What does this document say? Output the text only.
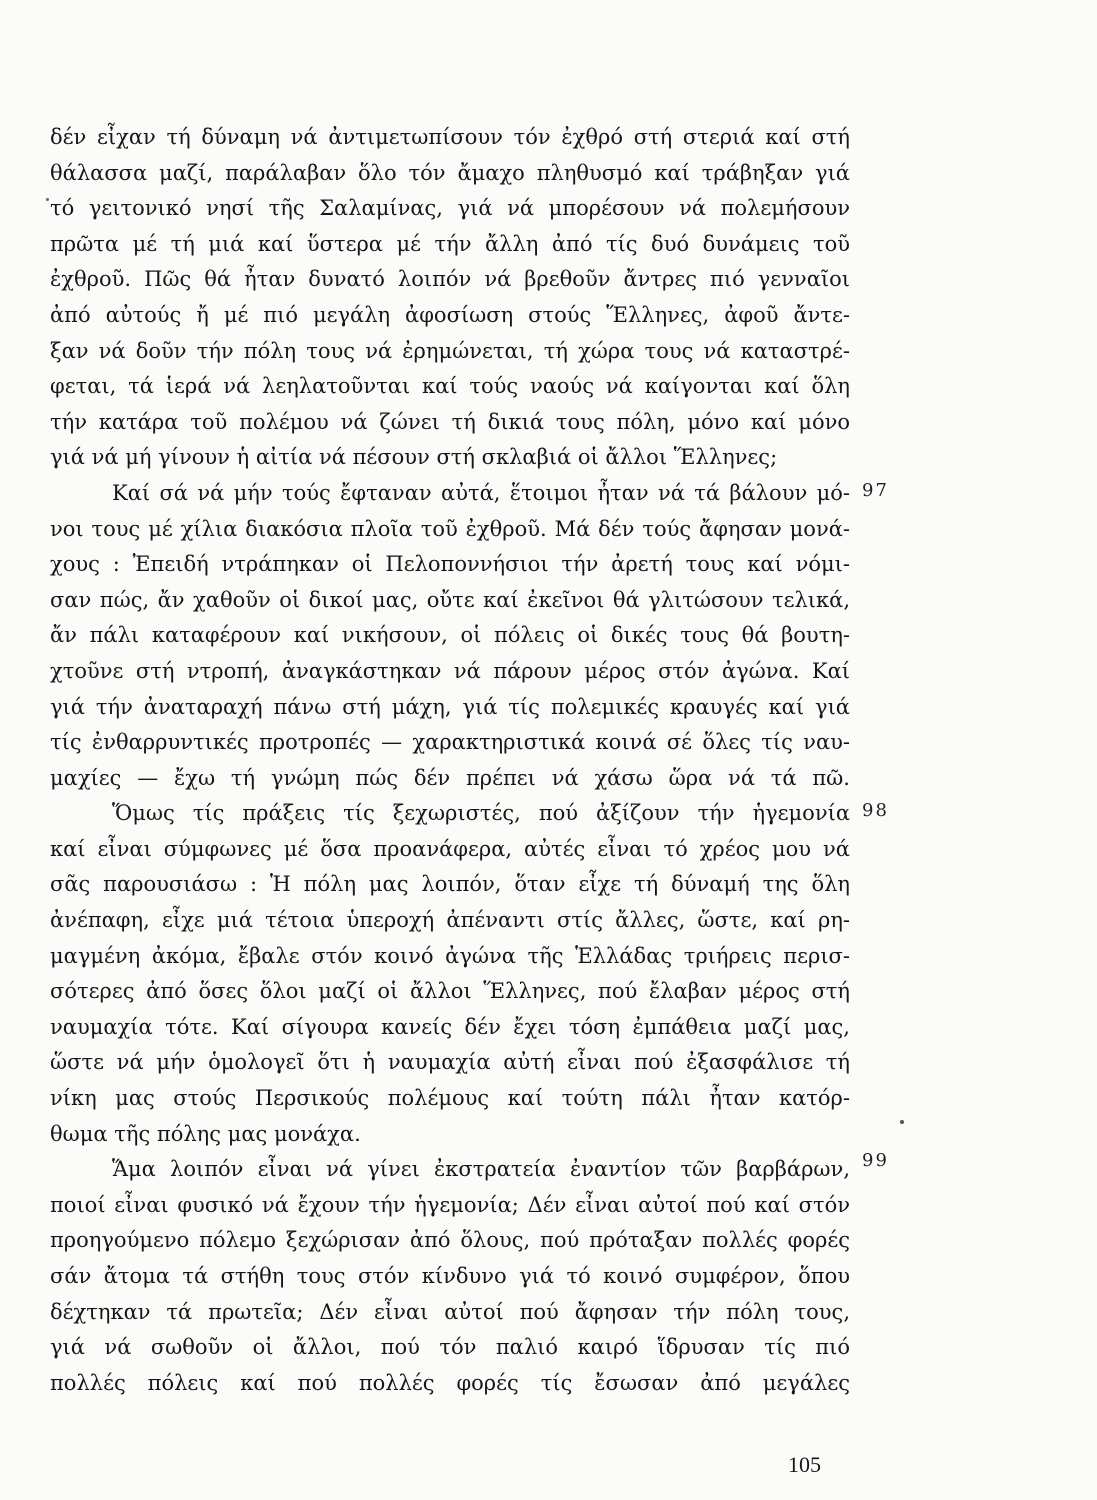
δέν εἶχαν τή δύναμη νά ἀντιμετωπίσουν τόν ἐχθρό στή στεριά καί στή
θάλασσα μαζί, παράλαβαν ὅλο τόν ἄμαχο πληθυσμό καί τράβηξαν γιά
τό γειτονικό νησί τῆς Σαλαμίνας, γιά νά μπορέσουν νά πολεμήσουν
πρῶτα μέ τή μιά καί ὕστερα μέ τήν ἄλλη ἀπό τίς δυό δυνάμεις τοῦ
ἐχθροῦ. Πῶς θά ἦταν δυνατό λοιπόν νά βρεθοῦν ἄντρες πιό γενναῖοι
ἀπό αὐτούς ἤ μέ πιό μεγάλη ἀφοσίωση στούς Ἕλληνες, ἀφοῦ ἄντε-
ξαν νά δοῦν τήν πόλη τους νά ἐρημώνεται, τή χώρα τους νά καταστρέ-
φεται, τά ἱερά νά λεηλατοῦνται καί τούς ναούς νά καίγονται καί ὅλη
τήν κατάρα τοῦ πολέμου νά ζώνει τή δικιά τους πόλη, μόνο καί μόνο
γιά νά μή γίνουν ἡ αἰτία νά πέσουν στή σκλαβιά οἱ ἄλλοι Ἕλληνες;
Καί σά νά μήν τούς ἔφταναν αὐτά, ἕτοιμοι ἦταν νά τά βάλουν μό-
νοι τους μέ χίλια διακόσια πλοῖα τοῦ ἐχθροῦ. Μά δέν τούς ἄφησαν μονά-
χους : Ἐπειδή ντράπηκαν οἱ Πελοποννήσιοι τήν ἀρετή τους καί νόμι-
σαν πώς, ἄν χαθοῦν οἱ δικοί μας, οὔτε καί ἐκεῖνοι θά γλιτώσουν τελικά,
ἄν πάλι καταφέρουν καί νικήσουν, οἱ πόλεις οἱ δικές τους θά βουτη-
χτοῦνε στή ντροπή, ἀναγκάστηκαν νά πάρουν μέρος στόν ἀγώνα. Καί
γιά τήν ἀναταραχή πάνω στή μάχη, γιά τίς πολεμικές κραυγές καί γιά
τίς ἐνθαρρυντικές προτροπές — χαρακτηριστικά κοινά σέ ὅλες τίς ναυ-
μαχίες — ἔχω τή γνώμη πώς δέν πρέπει νά χάσω ὥρα νά τά πῶ.
Ὅμως τίς πράξεις τίς ξεχωριστές, πού ἀξίζουν τήν ἡγεμονία
καί εἶναι σύμφωνες μέ ὅσα προανάφερα, αὐτές εἶναι τό χρέος μου νά
σᾶς παρουσιάσω : Ἡ πόλη μας λοιπόν, ὅταν εἶχε τή δύναμή της ὅλη
ἀνέπαφη, εἶχε μιά τέτοια ὑπεροχή ἀπέναντι στίς ἄλλες, ὥστε, καί ρη-
μαγμένη ἀκόμα, ἔβαλε στόν κοινό ἀγώνα τῆς Ἑλλάδας τριήρεις περισ-
σότερες ἀπό ὅσες ὅλοι μαζί οἱ ἄλλοι Ἕλληνες, πού ἔλαβαν μέρος στή
ναυμαχία τότε. Καί σίγουρα κανείς δέν ἔχει τόση ἐμπάθεια μαζί μας,
ὥστε νά μήν ὁμολογεῖ ὅτι ἡ ναυμαχία αὐτή εἶναι πού ἐξασφάλισε τή
νίκη μας στούς Περσικούς πολέμους καί τούτη πάλι ἦταν κατόρ-
θωμα τῆς πόλης μας μονάχα.
Ἅμα λοιπόν εἶναι νά γίνει ἐκστρατεία ἐναντίον τῶν βαρβάρων,
ποιοί εἶναι φυσικό νά ἔχουν τήν ἡγεμονία; Δέν εἶναι αὐτοί πού καί στόν
προηγούμενο πόλεμο ξεχώρισαν ἀπό ὅλους, πού πρόταξαν πολλές φορές
σάν ἄτομα τά στήθη τους στόν κίνδυνο γιά τό κοινό συμφέρον, ὅπου
δέχτηκαν τά πρωτεῖα; Δέν εἶναι αὐτοί πού ἄφησαν τήν πόλη τους,
γιά νά σωθοῦν οἱ ἄλλοι, πού τόν παλιό καιρό ἵδρυσαν τίς πιό
πολλές πόλεις καί πού πολλές φορές τίς ἔσωσαν ἀπό μεγάλες
97
98
99
105
